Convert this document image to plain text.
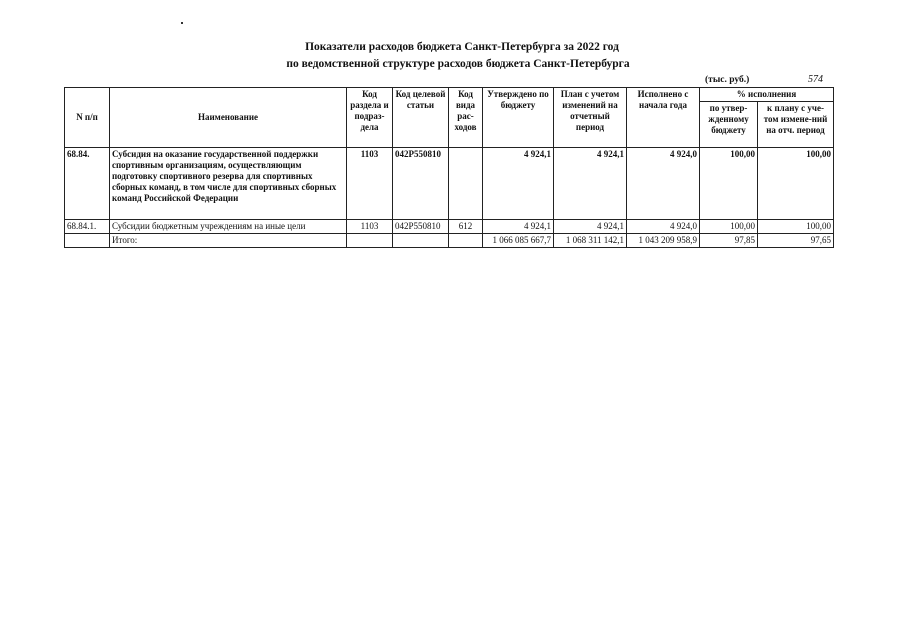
Показатели расходов бюджета Санкт-Петербурга за 2022 год
по ведомственной структуре расходов бюджета Санкт-Петербурга
(тыс. руб.)	574
N п/п	Наименование	Код раздела и подраз-дела	Код целевой статьи	Код вида рас-ходов	Утверждено по бюджету	План с учетом изменений на отчетный период	Исполнено с начала года	% исполнения	
								по утвер-жденному бюджету	к плану с уче-том измене-ний на отч. период
68.84.	Субсидия на оказание государственной поддержки спортивным организациям, осуществляющим подготовку спортивного резерва для спортивных сборных команд, в том числе для спортивных сборных команд Российской Федерации	1103	042P550810		4 924,1	4 924,1	4 924,0	100,00	100,00
68.84.1.	Субсидии бюджетным учреждениям на иные цели	1103	042P550810	612	4 924,1	4 924,1	4 924,0	100,00	100,00
	Итого:				1 066 085 667,7	1 068 311 142,1	1 043 209 958,9	97,85	97,65
